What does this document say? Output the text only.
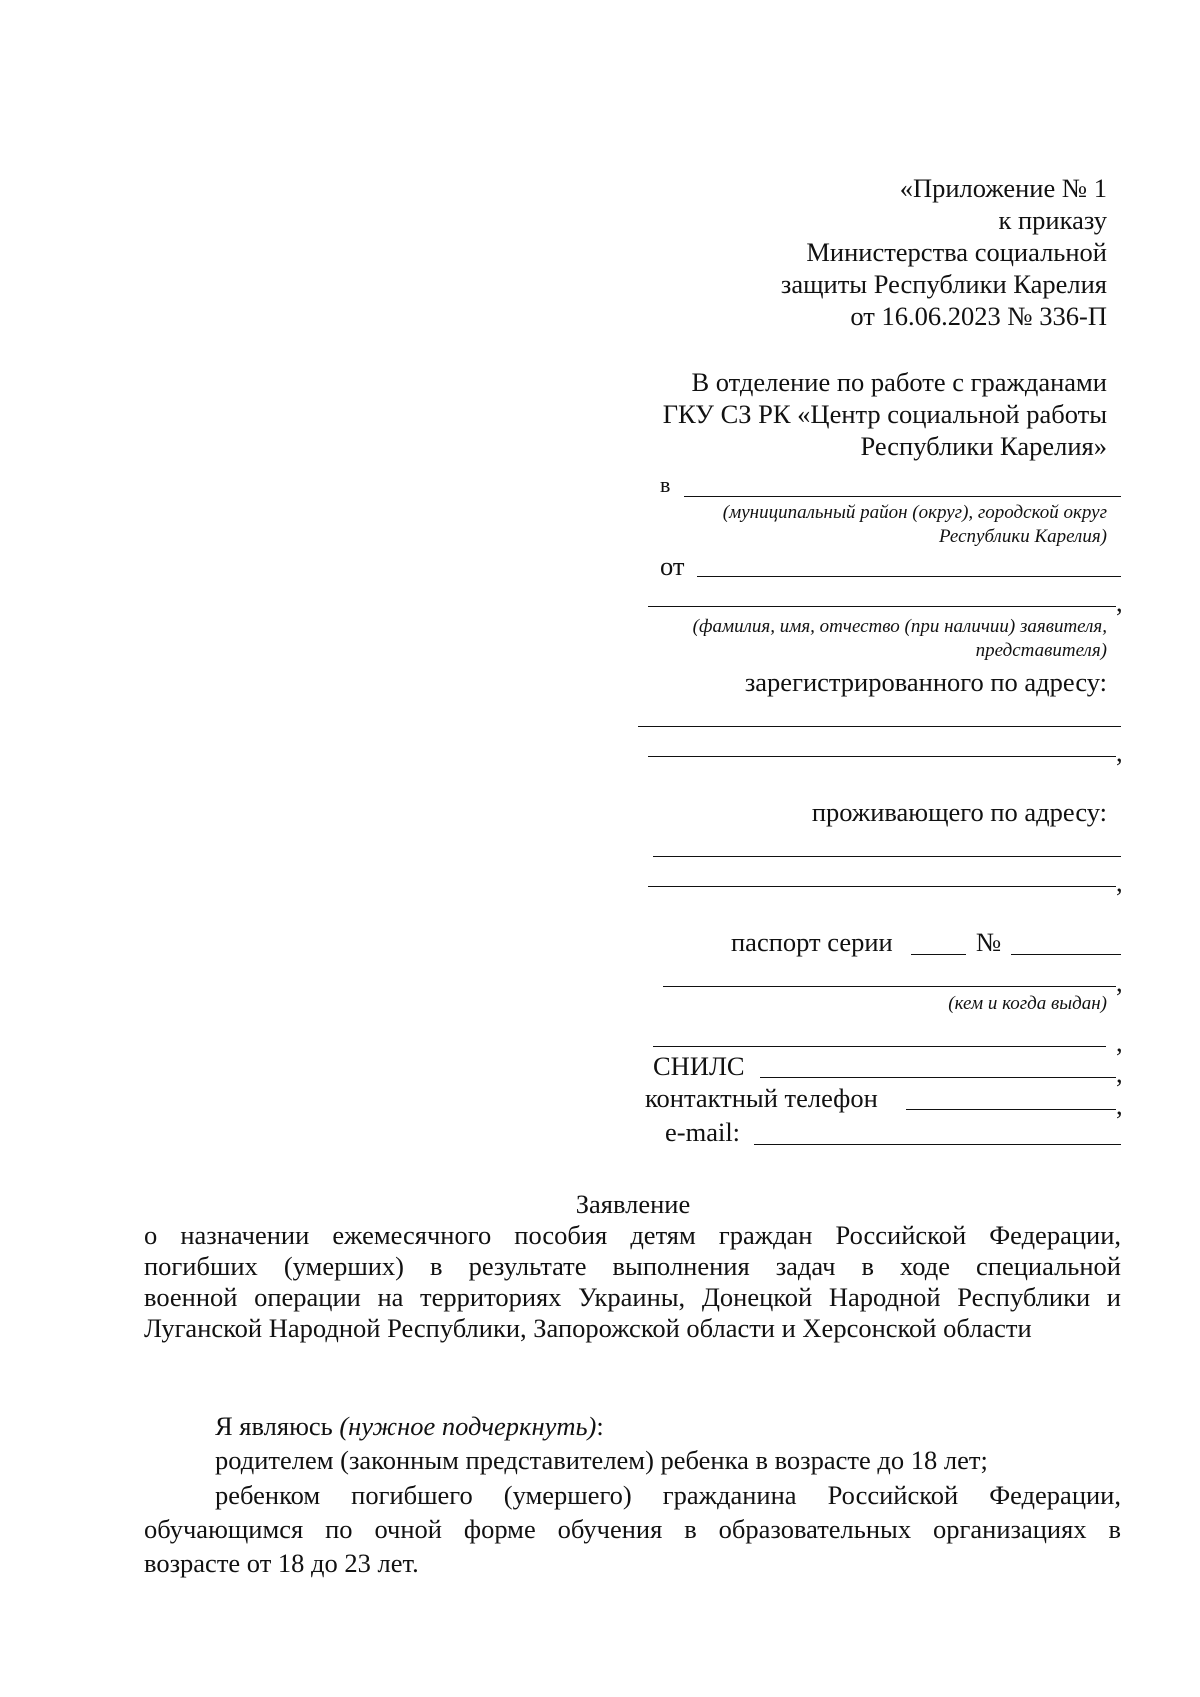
«Приложение № 1
к приказу
Министерства социальной
защиты Республики Карелия
от 16.06.2023 № 336-П
В отделение по работе с гражданами
ГКУ СЗ РК «Центр социальной работы
Республики Карелия»
в
(муниципальный район (округ), городской округ
Республики Карелия)
от
,
(фамилия, имя, отчество (при наличии) заявителя,
представителя)
зарегистрированного по адресу:
,
проживающего по адресу:
,
паспорт серии	№
,
(кем и когда выдан)
,
СНИЛС	,
контактный телефон	,
e-mail:
Заявление
о назначении ежемесячного пособия детям граждан Российской Федерации,
погибших (умерших) в результате выполнения задач в ходе специальной
военной операции на территориях Украины, Донецкой Народной Республики и
Луганской Народной Республики, Запорожской области и Херсонской области
Я являюсь (нужное подчеркнуть):
родителем (законным представителем) ребенка в возрасте до 18 лет;
ребенком погибшего (умершего) гражданина Российской Федерации,
обучающимся по очной форме обучения в образовательных организациях в
возрасте от 18 до 23 лет.
